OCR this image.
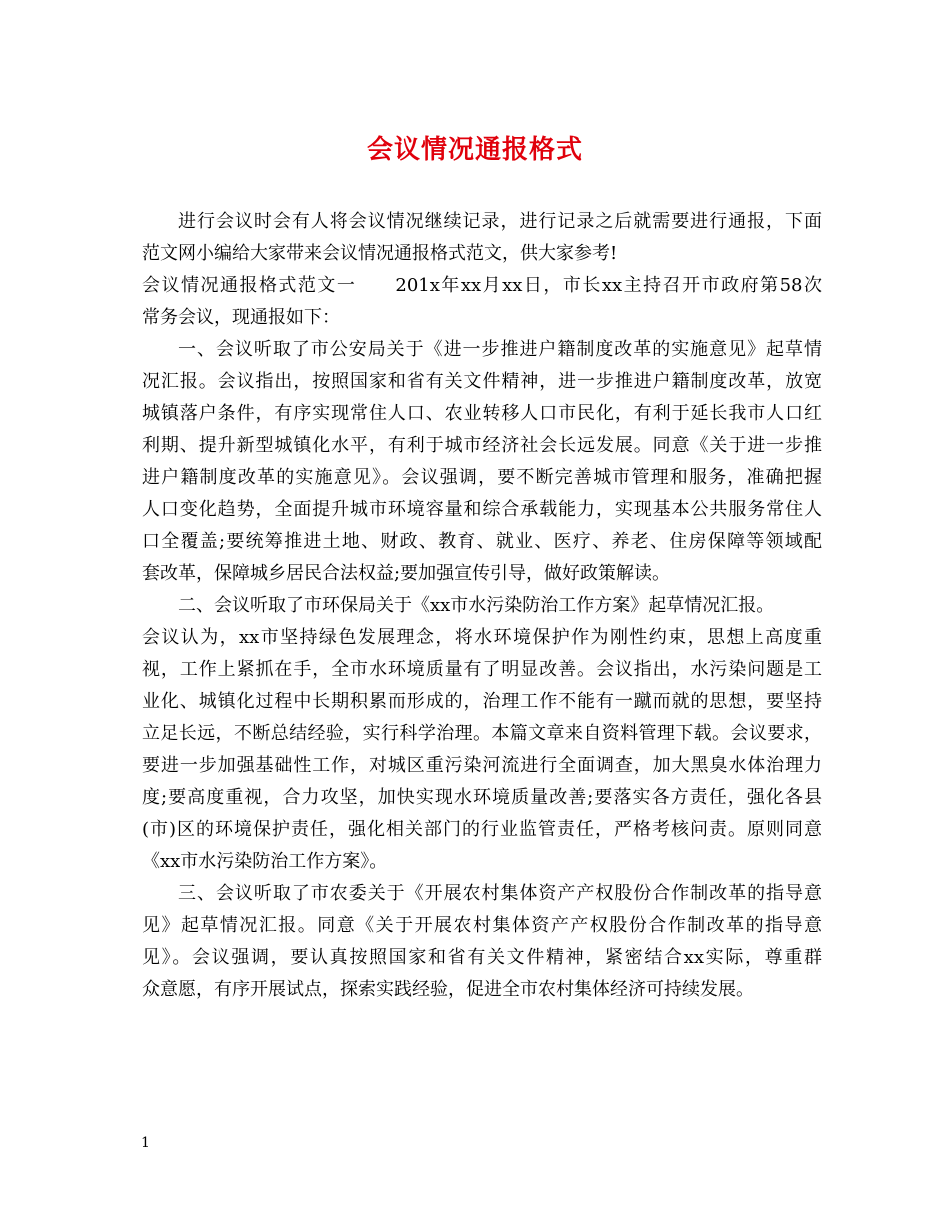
会议情况通报格式
进行会议时会有人将会议情况继续记录，进行记录之后就需要进行通报，下面
范文网小编给大家带来会议情况通报格式范文，供大家参考!
会议情况通报格式范文一　　201x年xx月xx日，市长xx主持召开市政府第58次
常务会议，现通报如下：
一、会议听取了市公安局关于《进一步推进户籍制度改革的实施意见》起草情
况汇报。会议指出，按照国家和省有关文件精神，进一步推进户籍制度改革，放宽
城镇落户条件，有序实现常住人口、农业转移人口市民化，有利于延长我市人口红
利期、提升新型城镇化水平，有利于城市经济社会长远发展。同意《关于进一步推
进户籍制度改革的实施意见》。会议强调，要不断完善城市管理和服务，准确把握
人口变化趋势，全面提升城市环境容量和综合承载能力，实现基本公共服务常住人
口全覆盖;要统筹推进土地、财政、教育、就业、医疗、养老、住房保障等领域配
套改革，保障城乡居民合法权益;要加强宣传引导，做好政策解读。
二、会议听取了市环保局关于《xx市水污染防治工作方案》起草情况汇报。
会议认为，xx市坚持绿色发展理念，将水环境保护作为刚性约束，思想上高度重
视，工作上紧抓在手，全市水环境质量有了明显改善。会议指出，水污染问题是工
业化、城镇化过程中长期积累而形成的，治理工作不能有一蹴而就的思想，要坚持
立足长远，不断总结经验，实行科学治理。本篇文章来自资料管理下载。会议要求，
要进一步加强基础性工作，对城区重污染河流进行全面调查，加大黑臭水体治理力
度;要高度重视，合力攻坚，加快实现水环境质量改善;要落实各方责任，强化各县
(市)区的环境保护责任，强化相关部门的行业监管责任，严格考核问责。原则同意
《xx市水污染防治工作方案》。
三、会议听取了市农委关于《开展农村集体资产产权股份合作制改革的指导意
见》起草情况汇报。同意《关于开展农村集体资产产权股份合作制改革的指导意
见》。会议强调，要认真按照国家和省有关文件精神，紧密结合xx实际，尊重群
众意愿，有序开展试点，探索实践经验，促进全市农村集体经济可持续发展。
1
